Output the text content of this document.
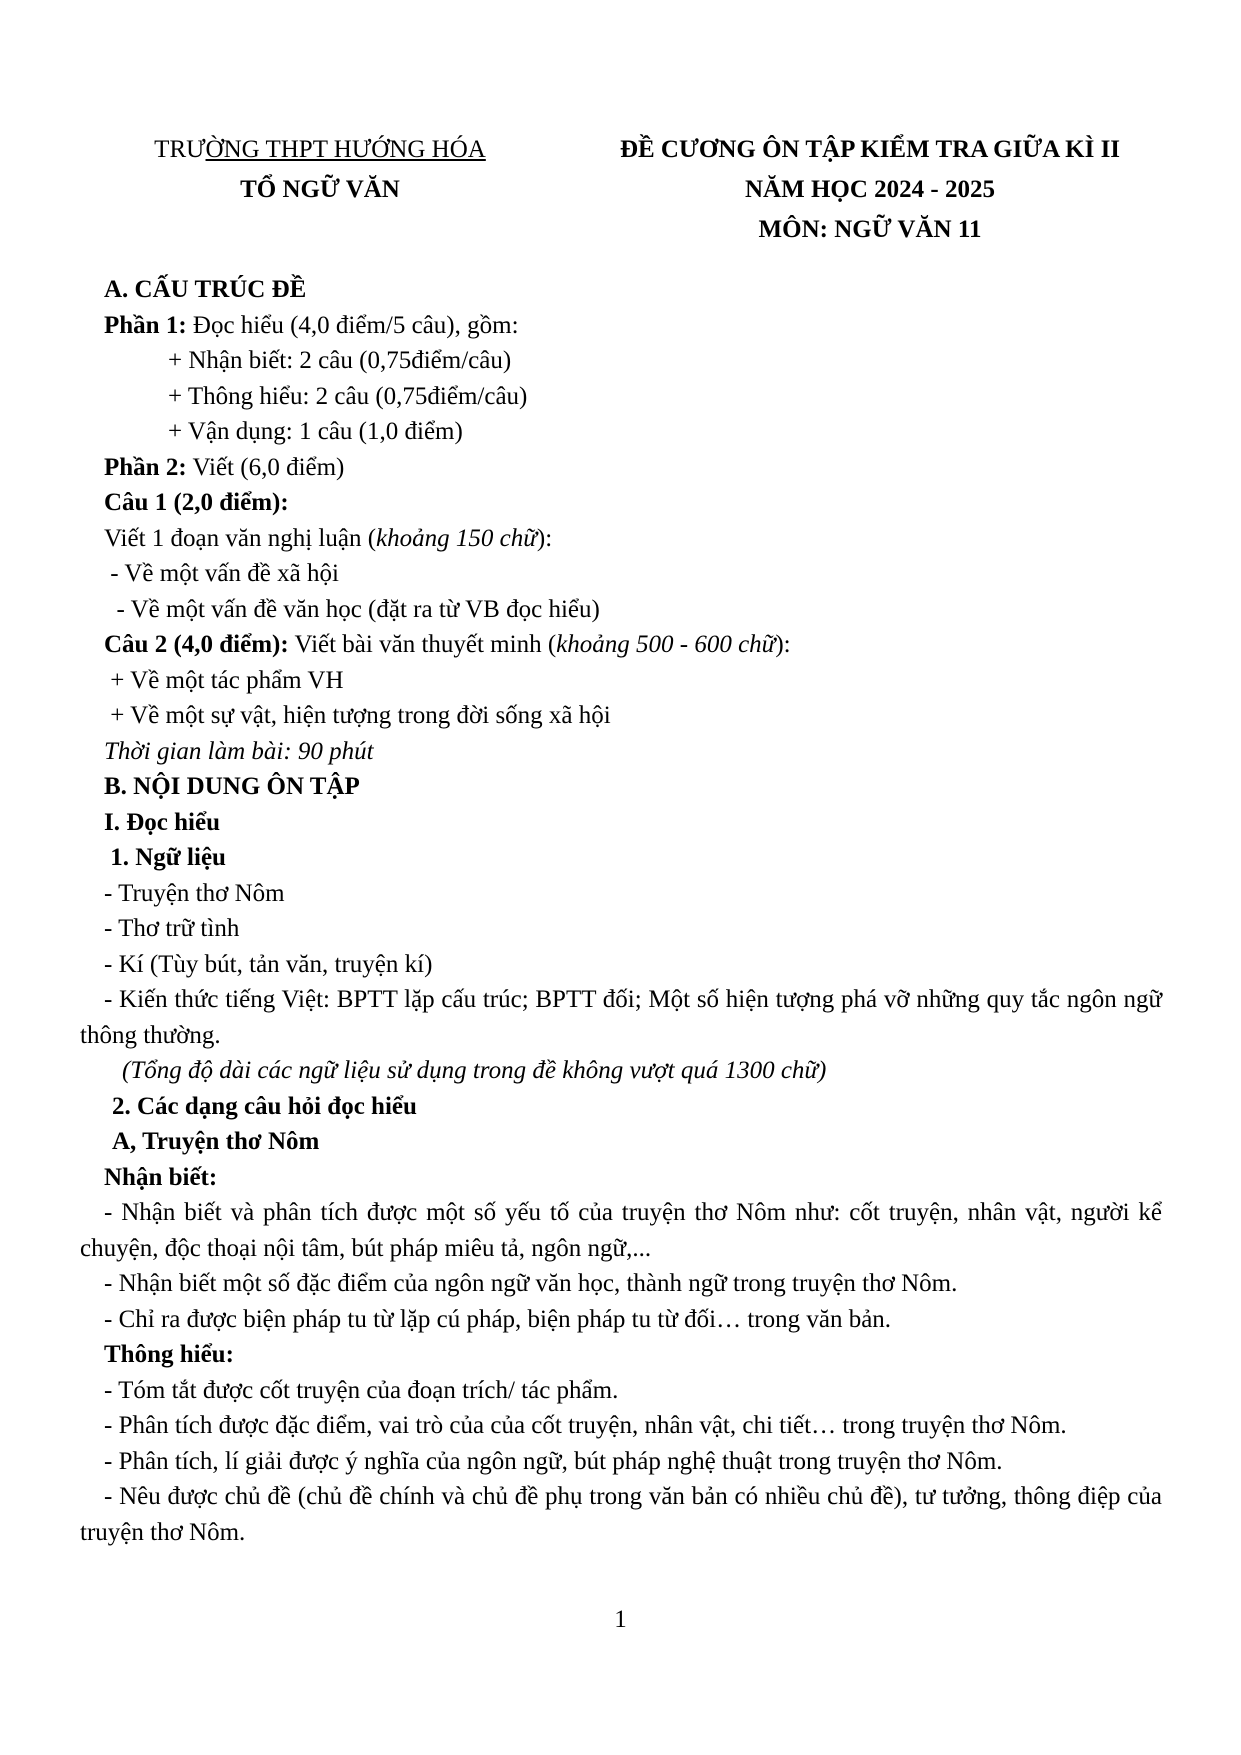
TRƯỜNG THPT HƯỚNG HÓA
TỔ NGỮ VĂN
ĐỀ CƯƠNG ÔN TẬP KIỂM TRA GIỮA KÌ II
NĂM HỌC 2024 - 2025
MÔN: NGỮ VĂN 11
A. CẤU TRÚC ĐỀ
Phần 1: Đọc hiểu (4,0 điểm/5 câu), gồm:
+ Nhận biết: 2 câu (0,75điểm/câu)
+ Thông hiểu: 2 câu (0,75điểm/câu)
+ Vận dụng: 1 câu (1,0 điểm)
Phần 2: Viết (6,0 điểm)
Câu 1 (2,0 điểm):
Viết 1 đoạn văn nghị luận (khoảng 150 chữ):
- Về một vấn đề xã hội
- Về một vấn đề văn học (đặt ra từ VB đọc hiểu)
Câu 2 (4,0 điểm): Viết bài văn thuyết minh (khoảng 500 - 600 chữ):
+ Về một tác phẩm VH
+ Về một sự vật, hiện tượng trong đời sống xã hội
Thời gian làm bài: 90 phút
B. NỘI DUNG ÔN TẬP
I. Đọc hiểu
1. Ngữ liệu
- Truyện thơ Nôm
- Thơ trữ tình
- Kí (Tùy bút, tản văn, truyện kí)
- Kiến thức tiếng Việt: BPTT lặp cấu trúc; BPTT đối; Một số hiện tượng phá vỡ những quy tắc ngôn ngữ thông thường.
(Tổng độ dài các ngữ liệu sử dụng trong đề không vượt quá 1300 chữ)
2. Các dạng câu hỏi đọc hiểu
A, Truyện thơ Nôm
Nhận biết:
- Nhận biết và phân tích được một số yếu tố của truyện thơ Nôm như: cốt truyện, nhân vật, người kể chuyện, độc thoại nội tâm, bút pháp miêu tả, ngôn ngữ,...
- Nhận biết một số đặc điểm của ngôn ngữ văn học, thành ngữ trong truyện thơ Nôm.
- Chỉ ra được biện pháp tu từ lặp cú pháp, biện pháp tu từ đối… trong văn bản.
Thông hiểu:
- Tóm tắt được cốt truyện của đoạn trích/ tác phẩm.
- Phân tích được đặc điểm, vai trò của của cốt truyện, nhân vật, chi tiết… trong truyện thơ Nôm.
- Phân tích, lí giải được ý nghĩa của ngôn ngữ, bút pháp nghệ thuật trong truyện thơ Nôm.
- Nêu được chủ đề (chủ đề chính và chủ đề phụ trong văn bản có nhiều chủ đề), tư tưởng, thông điệp của truyện thơ Nôm.
1
